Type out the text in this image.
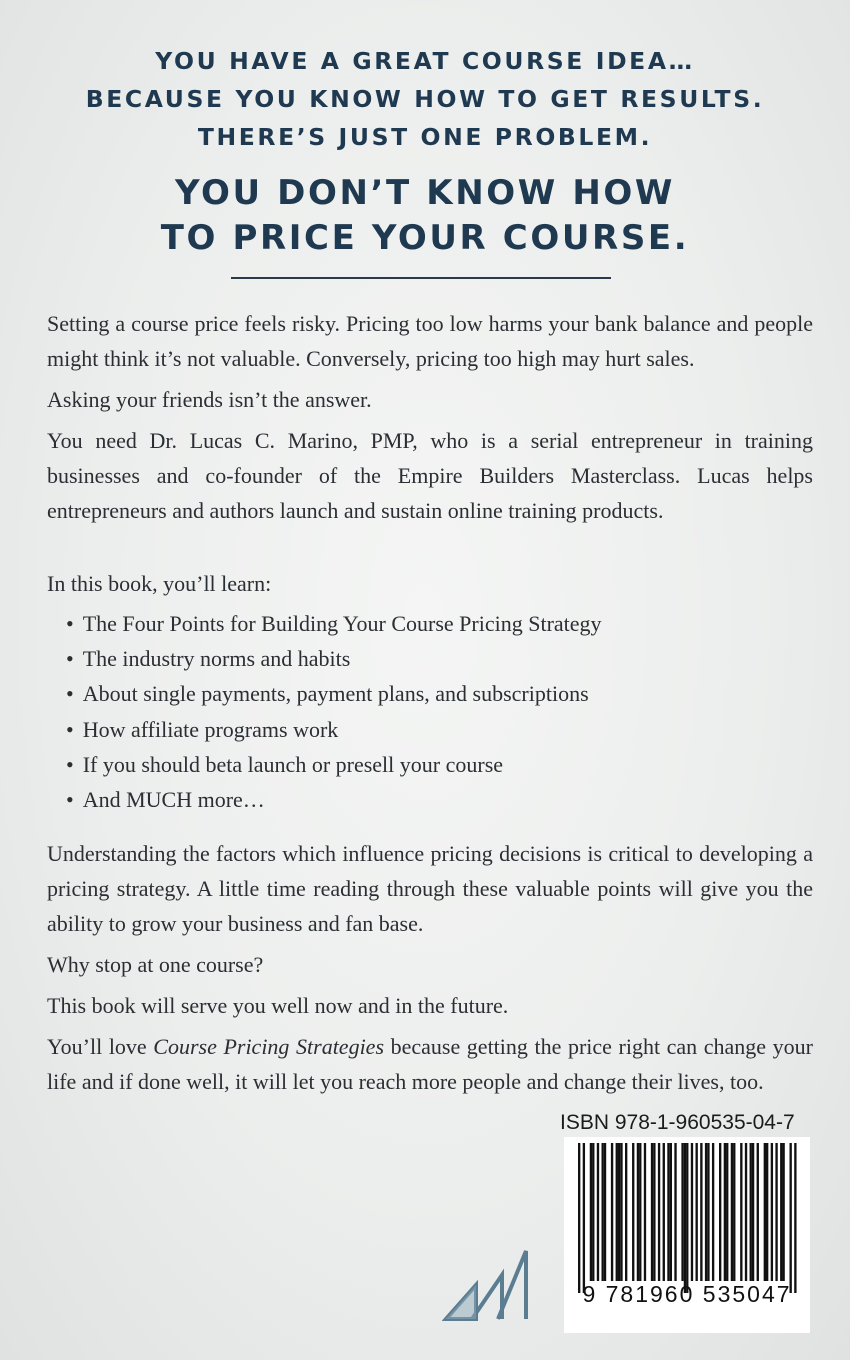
YOU HAVE A GREAT COURSE IDEA…
BECAUSE YOU KNOW HOW TO GET RESULTS.
THERE’S JUST ONE PROBLEM.
YOU DON’T KNOW HOW
TO PRICE YOUR COURSE.

Setting a course price feels risky. Pricing too low harms your bank balance and people might think it’s not valuable. Conversely, pricing too high may hurt sales.

Asking your friends isn’t the answer.

You need Dr. Lucas C. Marino, PMP, who is a serial entrepreneur in training businesses and co-founder of the Empire Builders Masterclass. Lucas helps entrepreneurs and authors launch and sustain online training products.

In this book, you’ll learn:

• The Four Points for Building Your Course Pricing Strategy
• The industry norms and habits
• About single payments, payment plans, and subscriptions
• How affiliate programs work
• If you should beta launch or presell your course
• And MUCH more…

Understanding the factors which influence pricing decisions is critical to developing a pricing strategy. A little time reading through these valuable points will give you the ability to grow your business and fan base.

Why stop at one course?

This book will serve you well now and in the future.

You’ll love Course Pricing Strategies because getting the price right can change your life and if done well, it will let you reach more people and change their lives, too.

ISBN 978-1-960535-04-7
9 781960 535047
